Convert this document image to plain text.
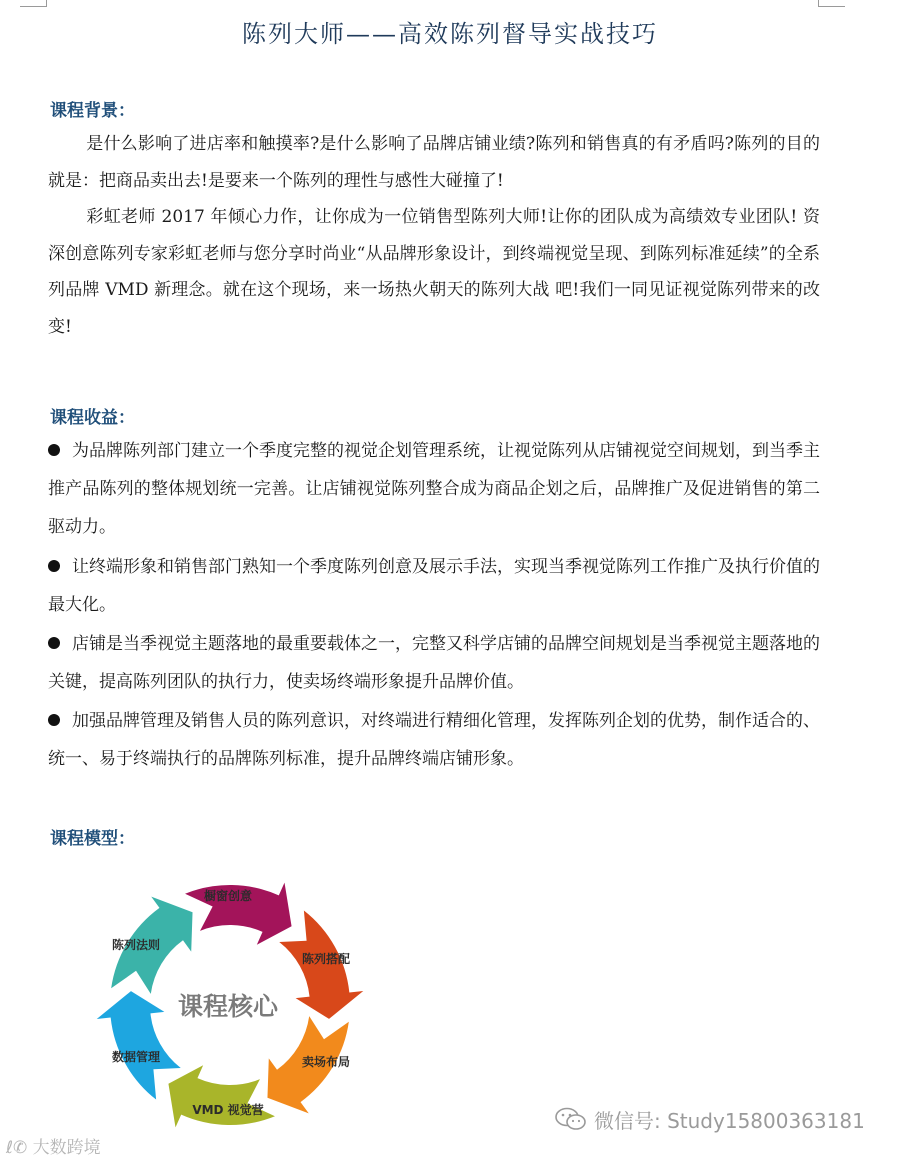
陈列大师——高效陈列督导实战技巧
课程背景：
是什么影响了进店率和触摸率?是什么影响了品牌店铺业绩?陈列和销售真的有矛盾吗?陈列的目的就是：把商品卖出去!是要来一个陈列的理性与感性大碰撞了!
彩虹老师 2017 年倾心力作，让你成为一位销售型陈列大师!让你的团队成为高绩效专业团队! 资深创意陈列专家彩虹老师与您分享时尚业“从品牌形象设计，到终端视觉呈现、到陈列标准延续”的全系列品牌 VMD 新理念。就在这个现场，来一场热火朝天的陈列大战 吧!我们一同见证视觉陈列带来的改变!
课程收益：
为品牌陈列部门建立一个季度完整的视觉企划管理系统，让视觉陈列从店铺视觉空间规划，到当季主推产品陈列的整体规划统一完善。让店铺视觉陈列整合成为商品企划之后，品牌推广及促进销售的第二驱动力。
让终端形象和销售部门熟知一个季度陈列创意及展示手法，实现当季视觉陈列工作推广及执行价值的最大化。
店铺是当季视觉主题落地的最重要载体之一，完整又科学店铺的品牌空间规划是当季视觉主题落地的关键，提高陈列团队的执行力，使卖场终端形象提升品牌价值。
加强品牌管理及销售人员的陈列意识，对终端进行精细化管理，发挥陈列企划的优势，制作适合的、统一、易于终端执行的品牌陈列标准，提升品牌终端店铺形象。
课程模型：
课程核心
橱窗创意
陈列搭配
卖场布局
VMD 视觉营
数据管理
陈列法则
微信号: Study15800363181
ℓ✆ 大数跨境
